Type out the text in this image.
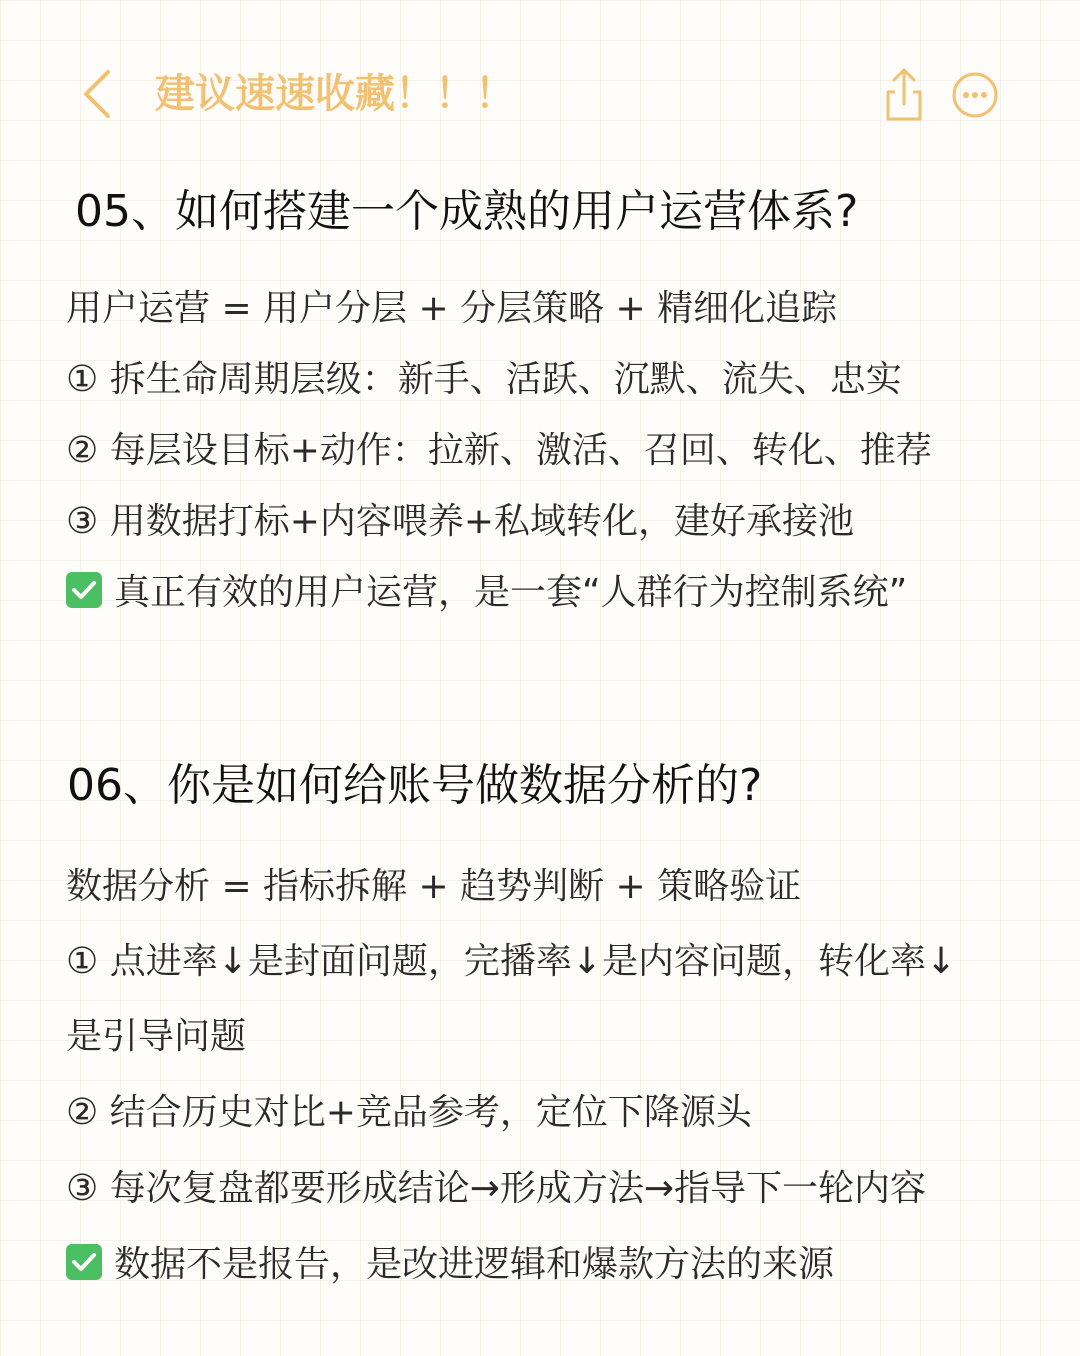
建议速速收藏！！！
05、如何搭建一个成熟的用户运营体系?
用户运营 = 用户分层 + 分层策略 + 精细化追踪
① 拆生命周期层级：新手、活跃、沉默、流失、忠实
② 每层设目标+动作：拉新、激活、召回、转化、推荐
③ 用数据打标+内容喂养+私域转化，建好承接池
真正有效的用户运营，是一套“人群行为控制系统”
06、你是如何给账号做数据分析的?
数据分析 = 指标拆解 + 趋势判断 + 策略验证
① 点进率↓是封面问题，完播率↓是内容问题，转化率↓
是引导问题
② 结合历史对比+竞品参考，定位下降源头
③ 每次复盘都要形成结论→形成方法→指导下一轮内容
数据不是报告，是改进逻辑和爆款方法的来源
